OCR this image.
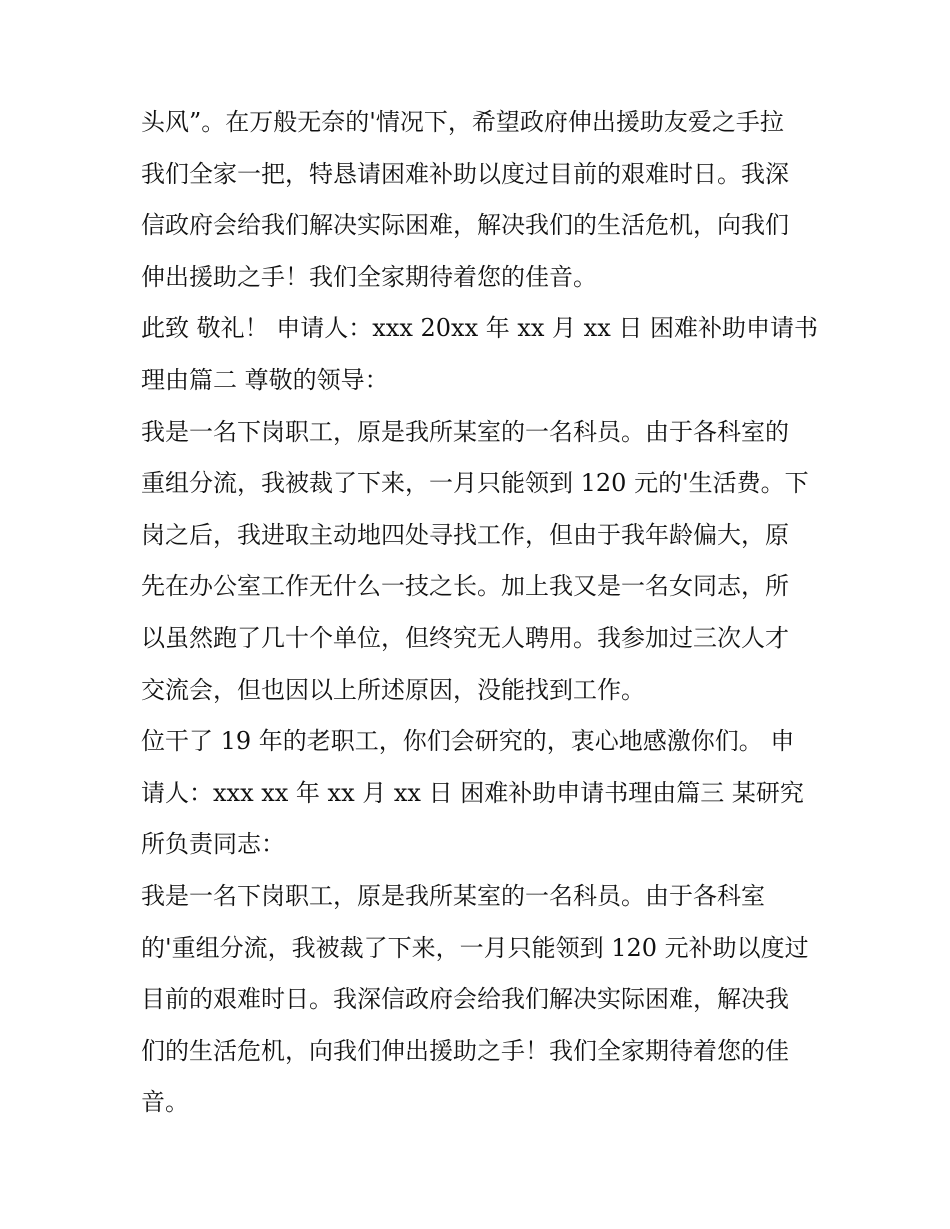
头风”。在万般无奈的'情况下，希望政府伸出援助友爱之手拉
我们全家一把，特恳请困难补助以度过目前的艰难时日。我深
信政府会给我们解决实际困难，解决我们的生活危机，向我们
伸出援助之手！我们全家期待着您的佳音。
此致 敬礼！ 申请人：xxx 20xx 年 xx 月 xx 日 困难补助申请书
理由篇二 尊敬的领导：
我是一名下岗职工，原是我所某室的一名科员。由于各科室的
重组分流，我被裁了下来，一月只能领到 120 元的'生活费。下
岗之后，我进取主动地四处寻找工作，但由于我年龄偏大，原
先在办公室工作无什么一技之长。加上我又是一名女同志，所
以虽然跑了几十个单位，但终究无人聘用。我参加过三次人才
交流会，但也因以上所述原因，没能找到工作。
位干了 19 年的老职工，你们会研究的，衷心地感激你们。 申
请人：xxx xx 年 xx 月 xx 日 困难补助申请书理由篇三 某研究
所负责同志：
我是一名下岗职工，原是我所某室的一名科员。由于各科室
的'重组分流，我被裁了下来，一月只能领到 120 元补助以度过
目前的艰难时日。我深信政府会给我们解决实际困难，解决我
们的生活危机，向我们伸出援助之手！我们全家期待着您的佳
音。
